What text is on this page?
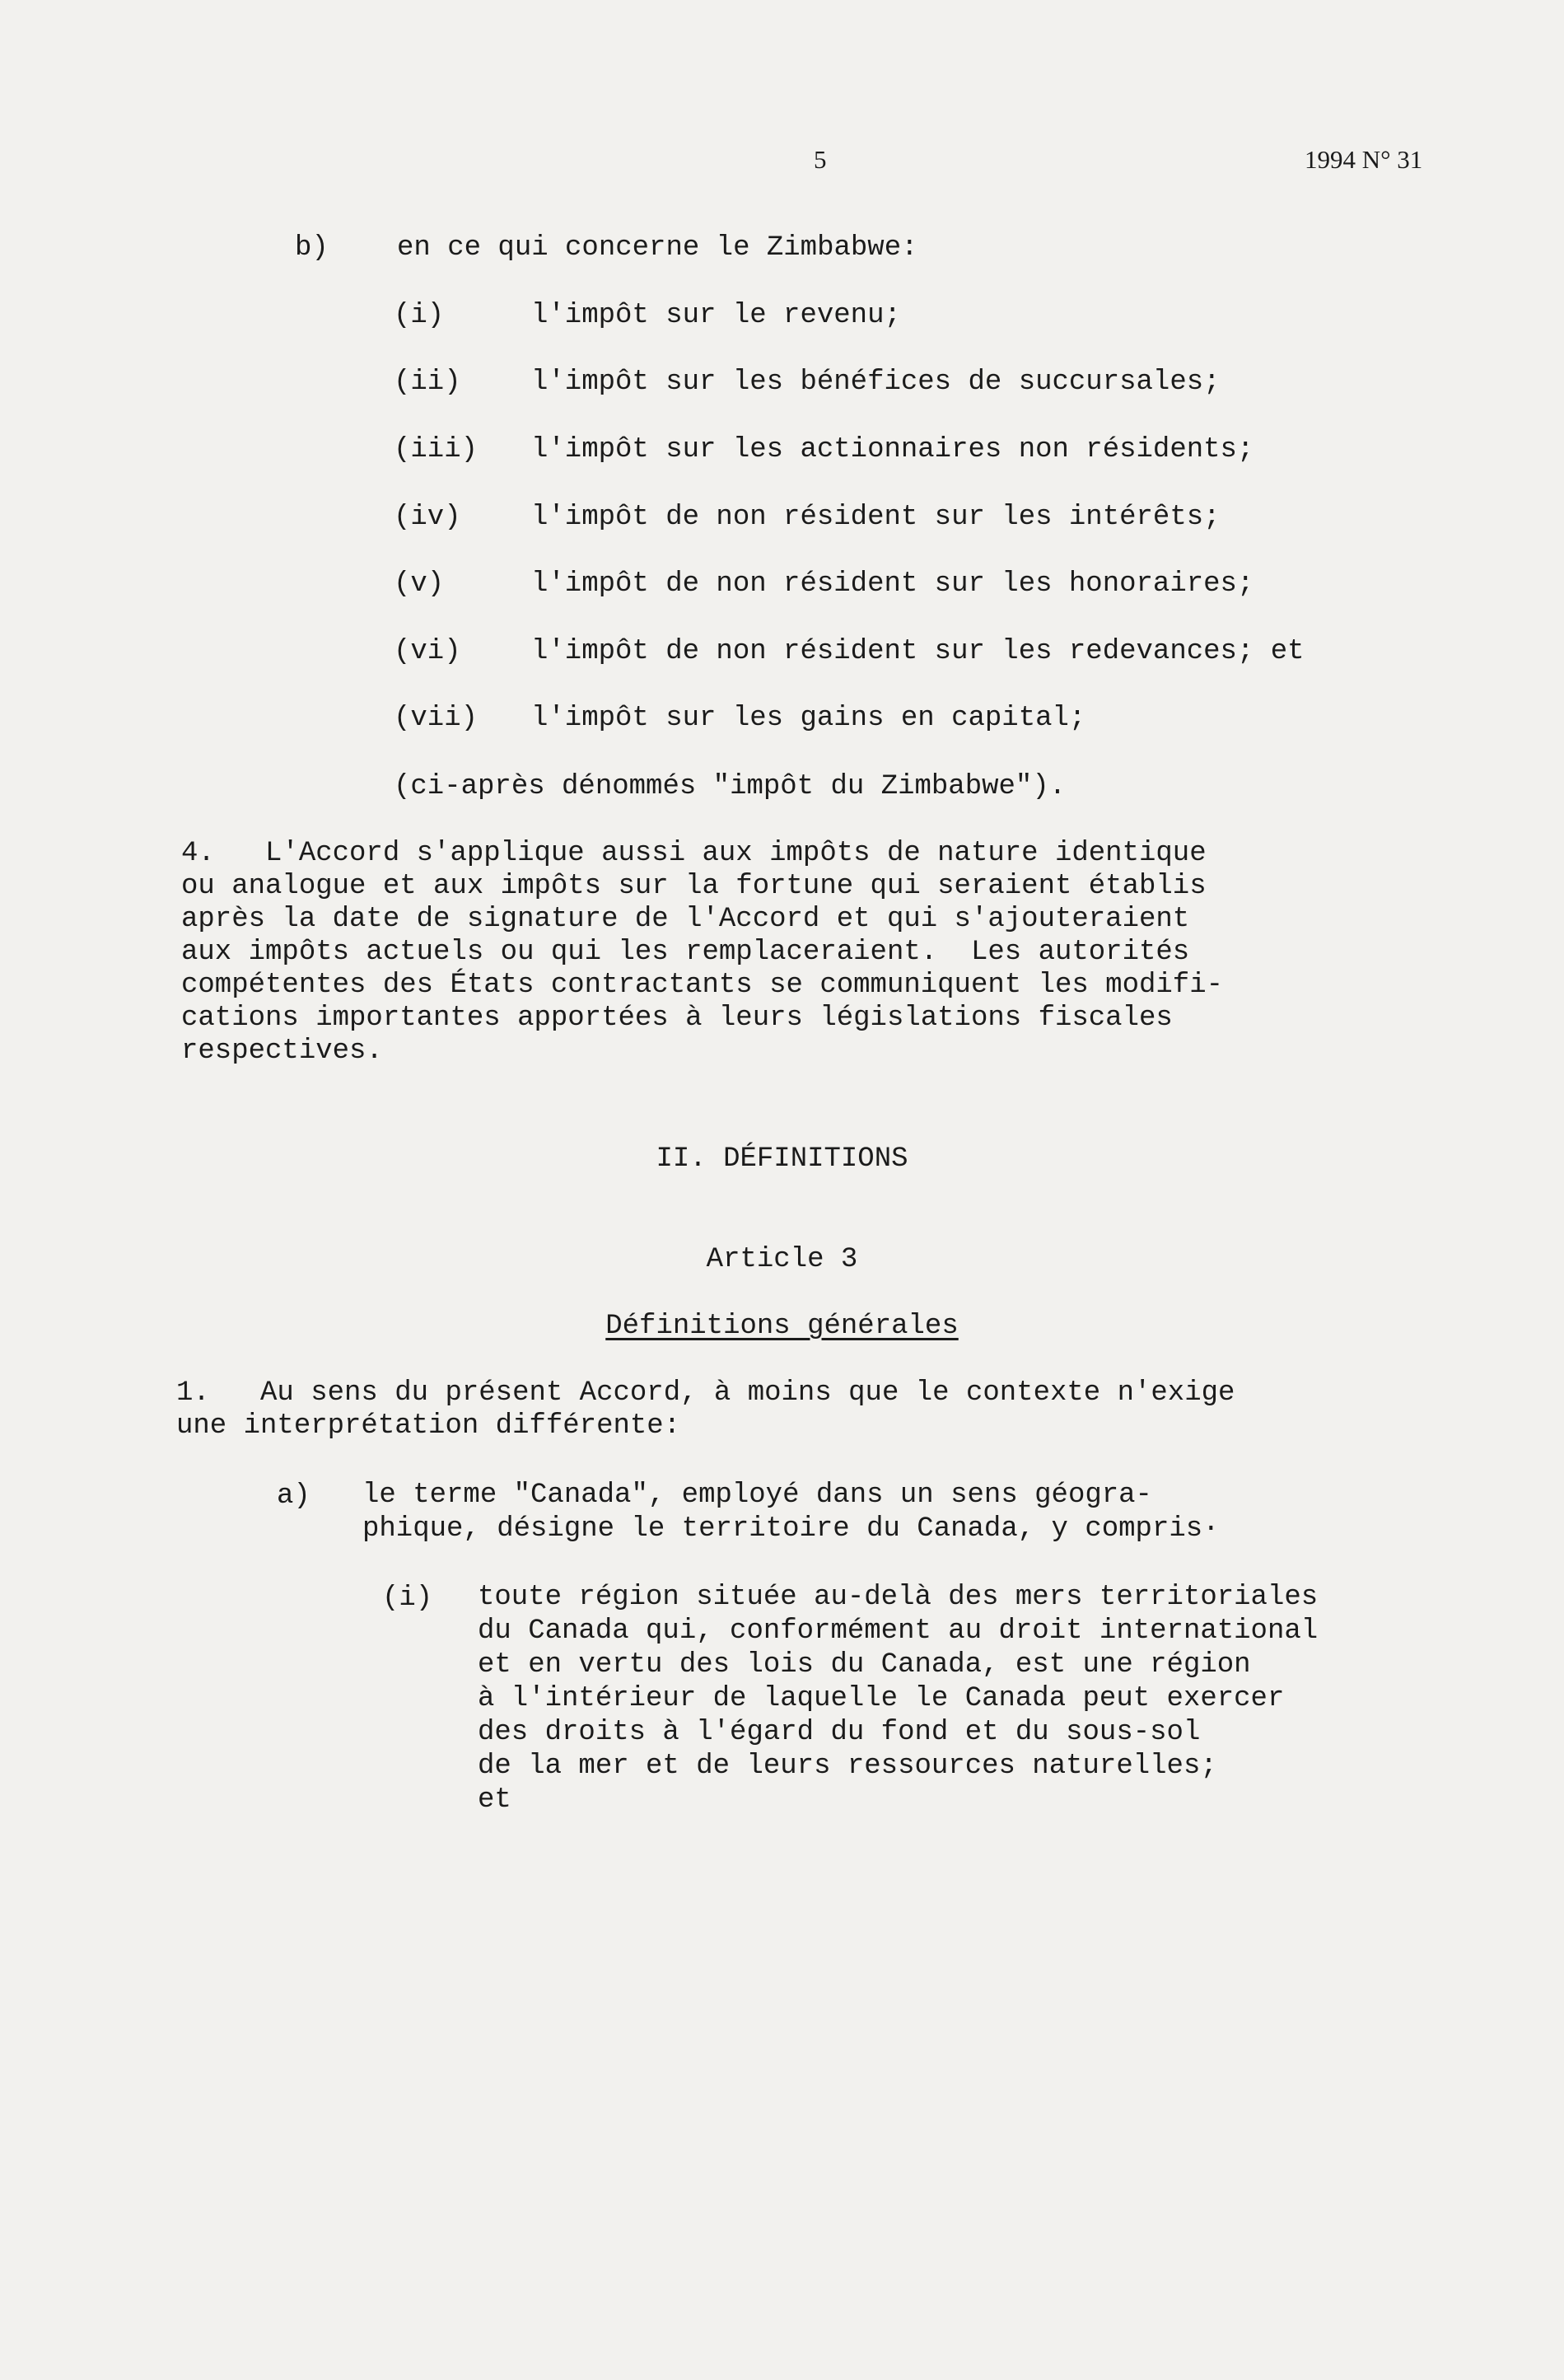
5	1994 N° 31
b) en ce qui concerne le Zimbabwe:
(i)	l'impôt sur le revenu;
(ii)	l'impôt sur les bénéfices de succursales;
(iii) l'impôt sur les actionnaires non résidents;
(iv)	l'impôt de non résident sur les intérêts;
(v)	l'impôt de non résident sur les honoraires;
(vi)	l'impôt de non résident sur les redevances; et
(vii) l'impôt sur les gains en capital;
(ci-après dénommés "impôt du Zimbabwe").
4.   L'Accord s'applique aussi aux impôts de nature identique
ou analogue et aux impôts sur la fortune qui seraient établis
après la date de signature de l'Accord et qui s'ajouteraient
aux impôts actuels ou qui les remplaceraient.  Les autorités
compétentes des États contractants se communiquent les modifi-
cations importantes apportées à leurs législations fiscales
respectives.
II. DÉFINITIONS
Article 3
Définitions générales
1.   Au sens du présent Accord, à moins que le contexte n'exige
une interprétation différente:
a) le terme "Canada", employé dans un sens géogra-
phique, désigne le territoire du Canada, y compris·
(i) toute région située au-delà des mers territoriales
du Canada qui, conformément au droit international
et en vertu des lois du Canada, est une région
à l'intérieur de laquelle le Canada peut exercer
des droits à l'égard du fond et du sous-sol
de la mer et de leurs ressources naturelles;
et
